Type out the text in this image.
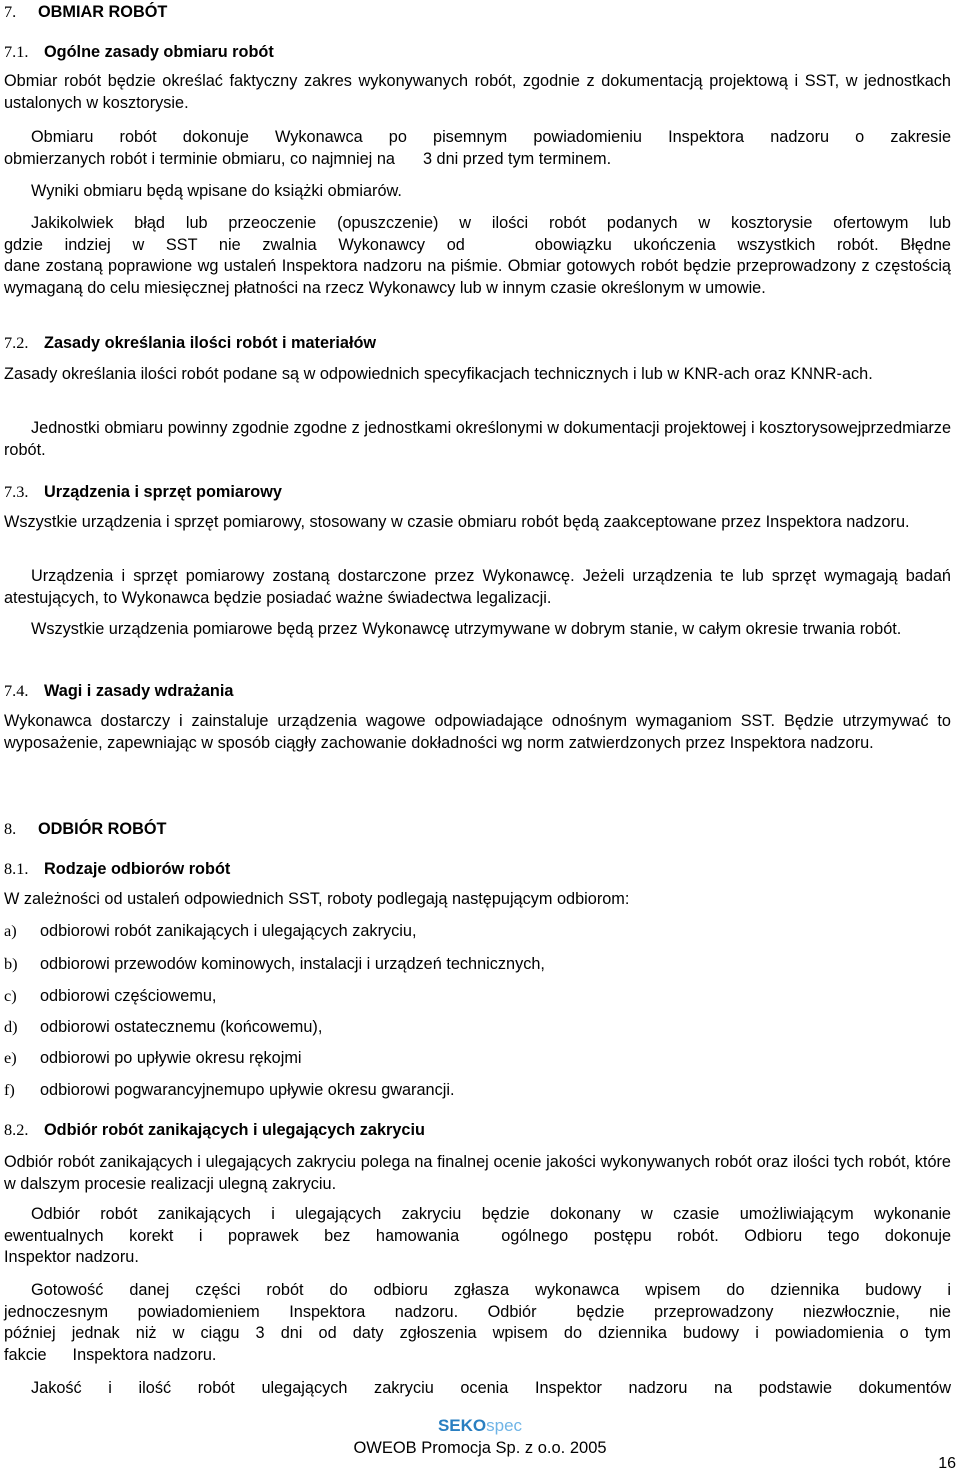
7. OBMIAR ROBÓT
7.1. Ogólne zasady obmiaru robót
Obmiar robót będzie określać faktyczny zakres wykonywanych robót, zgodnie z dokumentacją projektową i SST, w jednostkach ustalonych w kosztorysie.
Obmiaru robót dokonuje Wykonawca po pisemnym powiadomieniu Inspektora nadzoru o zakresie
obmierzanych robót i terminie obmiaru, co najmniej na 3 dni przed tym terminem.
Wyniki obmiaru będą wpisane do książki obmiarów.
Jakikolwiek błąd lub przeoczenie (opuszczenie) w ilości robót podanych w kosztorysie ofertowym lub
gdzie indziej w SST nie zwalnia Wykonawcy od	obowiązku ukończenia wszystkich robót. Błędne
dane zostaną poprawione wg ustaleń Inspektora nadzoru na piśmie. Obmiar gotowych robót będzie przeprowadzony z częstością wymaganą do celu miesięcznej płatności na rzecz Wykonawcy lub w innym czasie określonym w umowie.
7.2. Zasady określania ilości robót i materiałów
Zasady określania ilości robót podane są w odpowiednich specyfikacjach technicznych i lub w KNR-ach oraz KNNR-ach.
Jednostki obmiaru powinny zgodnie zgodne z jednostkami określonymi w dokumentacji projektowej i kosztorysowejprzedmiarze robót.
7.3. Urządzenia i sprzęt pomiarowy
Wszystkie urządzenia i sprzęt pomiarowy, stosowany w czasie obmiaru robót będą zaakceptowane przez Inspektora nadzoru.
Urządzenia i sprzęt pomiarowy zostaną dostarczone przez Wykonawcę. Jeżeli urządzenia te lub sprzęt wymagają badań atestujących, to Wykonawca będzie posiadać ważne świadectwa legalizacji.
Wszystkie urządzenia pomiarowe będą przez Wykonawcę utrzymywane w dobrym stanie, w całym okresie trwania robót.
7.4. Wagi i zasady wdrażania
Wykonawca dostarczy i zainstaluje urządzenia wagowe odpowiadające odnośnym wymaganiom SST. Będzie utrzymywać to wyposażenie, zapewniając w sposób ciągły zachowanie dokładności wg norm zatwierdzonych przez Inspektora nadzoru.
8. ODBIÓR ROBÓT
8.1. Rodzaje odbiorów robót
W zależności od ustaleń odpowiednich SST, roboty podlegają następującym odbiorom:
a) odbiorowi robót zanikających i ulegających zakryciu,
b) odbiorowi przewodów kominowych, instalacji i urządzeń technicznych,
c) odbiorowi częściowemu,
d) odbiorowi ostatecznemu (końcowemu),
e) odbiorowi po upływie okresu rękojmi
f) odbiorowi pogwarancyjnemupo upływie okresu gwarancji.
8.2. Odbiór robót zanikających i ulegających zakryciu
Odbiór robót zanikających i ulegających zakryciu polega na finalnej ocenie jakości wykonywanych robót oraz ilości tych robót, które w dalszym procesie realizacji ulegną zakryciu.
Odbiór robót zanikających i ulegających zakryciu będzie dokonany w czasie umożliwiającym wykonanie
ewentualnych korekt i poprawek bez hamowania	ogólnego postępu robót. Odbioru tego dokonuje
Inspektor nadzoru.
Gotowość danej części robót do odbioru zgłasza wykonawca wpisem do dziennika budowy i
jednoczesnym powiadomieniem Inspektora nadzoru. Odbiór będzie przeprowadzony niezwłocznie, nie
później jednak niż w ciągu 3 dni od daty zgłoszenia wpisem do dziennika budowy i powiadomienia o tym
fakcie Inspektora nadzoru.
Jakość i ilość robót ulegających zakryciu ocenia Inspektor nadzoru na podstawie dokumentów
SEKOspec
OWEOB Promocja Sp. z o.o. 2005
16
